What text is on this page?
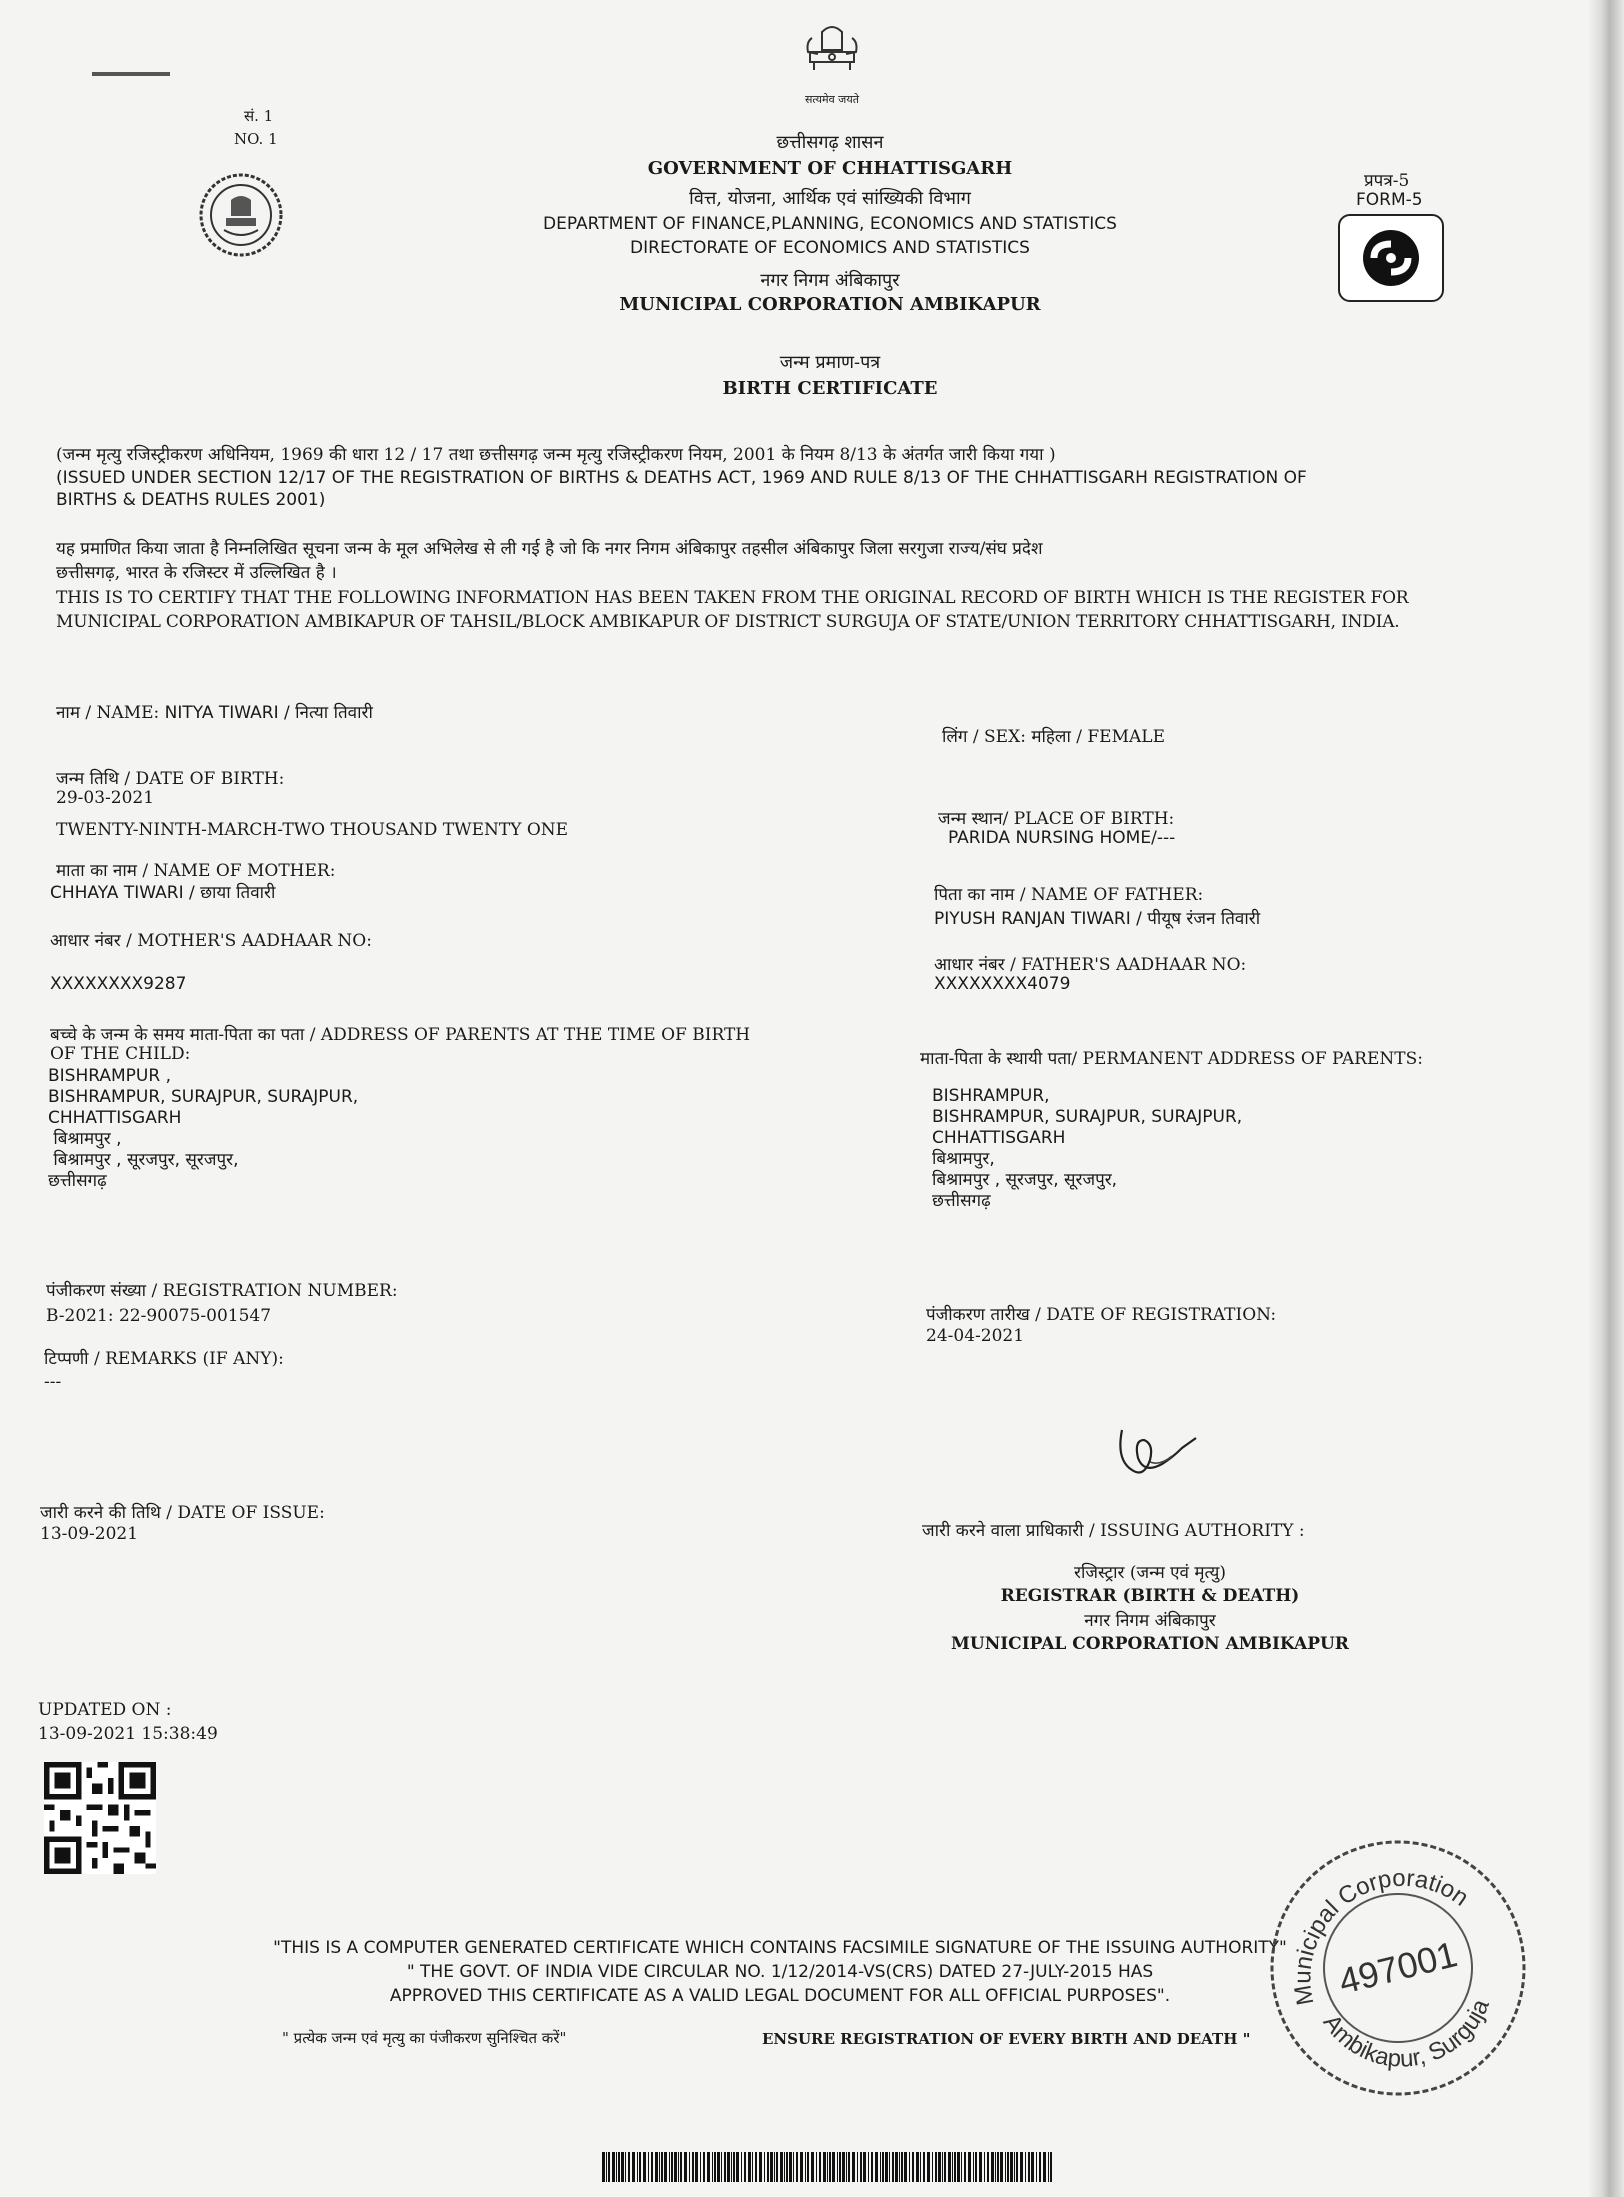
सत्यमेव जयते
सं. 1
NO. 1	छत्तीसगढ़ शासन
GOVERNMENT OF CHHATTISGARH
वित्त, योजना, आर्थिक एवं सांख्यिकी विभाग
DEPARTMENT OF FINANCE,PLANNING, ECONOMICS AND STATISTICS
DIRECTORATE OF ECONOMICS AND STATISTICS
नगर निगम अंबिकापुर
MUNICIPAL CORPORATION AMBIKAPUR
जन्म प्रमाण-पत्र
BIRTH CERTIFICATE
प्रपत्र-5
FORM-5
(जन्म मृत्यु रजिस्ट्रीकरण अधिनियम, 1969 की धारा 12 / 17 तथा छत्तीसगढ़ जन्म मृत्यु रजिस्ट्रीकरण नियम, 2001 के नियम 8/13 के अंतर्गत जारी किया गया )
(ISSUED UNDER SECTION 12/17 OF THE REGISTRATION OF BIRTHS & DEATHS ACT, 1969 AND RULE 8/13 OF THE CHHATTISGARH REGISTRATION OF
BIRTHS & DEATHS RULES 2001)
यह प्रमाणित किया जाता है निम्नलिखित सूचना जन्म के मूल अभिलेख से ली गई है जो कि नगर निगम अंबिकापुर तहसील अंबिकापुर जिला सरगुजा राज्य/संघ प्रदेश
छत्तीसगढ़, भारत के रजिस्टर में उल्लिखित है ।
THIS IS TO CERTIFY THAT THE FOLLOWING INFORMATION HAS BEEN TAKEN FROM THE ORIGINAL RECORD OF BIRTH WHICH IS THE REGISTER FOR
MUNICIPAL CORPORATION AMBIKAPUR OF TAHSIL/BLOCK AMBIKAPUR OF DISTRICT SURGUJA OF STATE/UNION TERRITORY CHHATTISGARH, INDIA.
नाम / NAME: NITYA TIWARI / नित्या तिवारी
जन्म तिथि / DATE OF BIRTH:
29-03-2021
TWENTY-NINTH-MARCH-TWO THOUSAND TWENTY ONE
माता का नाम / NAME OF MOTHER:
CHHAYA TIWARI / छाया तिवारी
आधार नंबर / MOTHER'S AADHAAR NO:
XXXXXXXX9287
बच्चे के जन्म के समय माता-पिता का पता / ADDRESS OF PARENTS AT THE TIME OF BIRTH
OF THE CHILD:
BISHRAMPUR ,
BISHRAMPUR, SURAJPUR, SURAJPUR,
CHHATTISGARH
बिश्रामपुर ,
बिश्रामपुर , सूरजपुर, सूरजपुर,
छत्तीसगढ़
पंजीकरण संख्या / REGISTRATION NUMBER:
B-2021: 22-90075-001547
टिप्पणी / REMARKS (IF ANY):
---
जारी करने की तिथि / DATE OF ISSUE:
13-09-2021
UPDATED ON :
13-09-2021 15:38:49
लिंग / SEX: महिला / FEMALE
जन्म स्थान/ PLACE OF BIRTH:
PARIDA NURSING HOME/---
पिता का नाम / NAME OF FATHER:
PIYUSH RANJAN TIWARI / पीयूष रंजन तिवारी
आधार नंबर / FATHER'S AADHAAR NO:
XXXXXXXX4079
माता-पिता के स्थायी पता/ PERMANENT ADDRESS OF PARENTS:
BISHRAMPUR,
BISHRAMPUR, SURAJPUR, SURAJPUR,
CHHATTISGARH
बिश्रामपुर,
बिश्रामपुर , सूरजपुर, सूरजपुर,
छत्तीसगढ़
पंजीकरण तारीख / DATE OF REGISTRATION:
24-04-2021
जारी करने वाला प्राधिकारी / ISSUING AUTHORITY :
रजिस्ट्रार (जन्म एवं मृत्यु)
REGISTRAR (BIRTH & DEATH)
नगर निगम अंबिकापुर
MUNICIPAL CORPORATION AMBIKAPUR
"THIS IS A COMPUTER GENERATED CERTIFICATE WHICH CONTAINS FACSIMILE SIGNATURE OF THE ISSUING AUTHORITY"
" THE GOVT. OF INDIA VIDE CIRCULAR NO. 1/12/2014-VS(CRS) DATED 27-JULY-2015 HAS
APPROVED THIS CERTIFICATE AS A VALID LEGAL DOCUMENT FOR ALL OFFICIAL PURPOSES".
" प्रत्येक जन्म एवं मृत्यु का पंजीकरण सुनिश्चित करें"	ENSURE REGISTRATION OF EVERY BIRTH AND DEATH "
Municipal Corporation
Ambikapur, Surguja
497001
